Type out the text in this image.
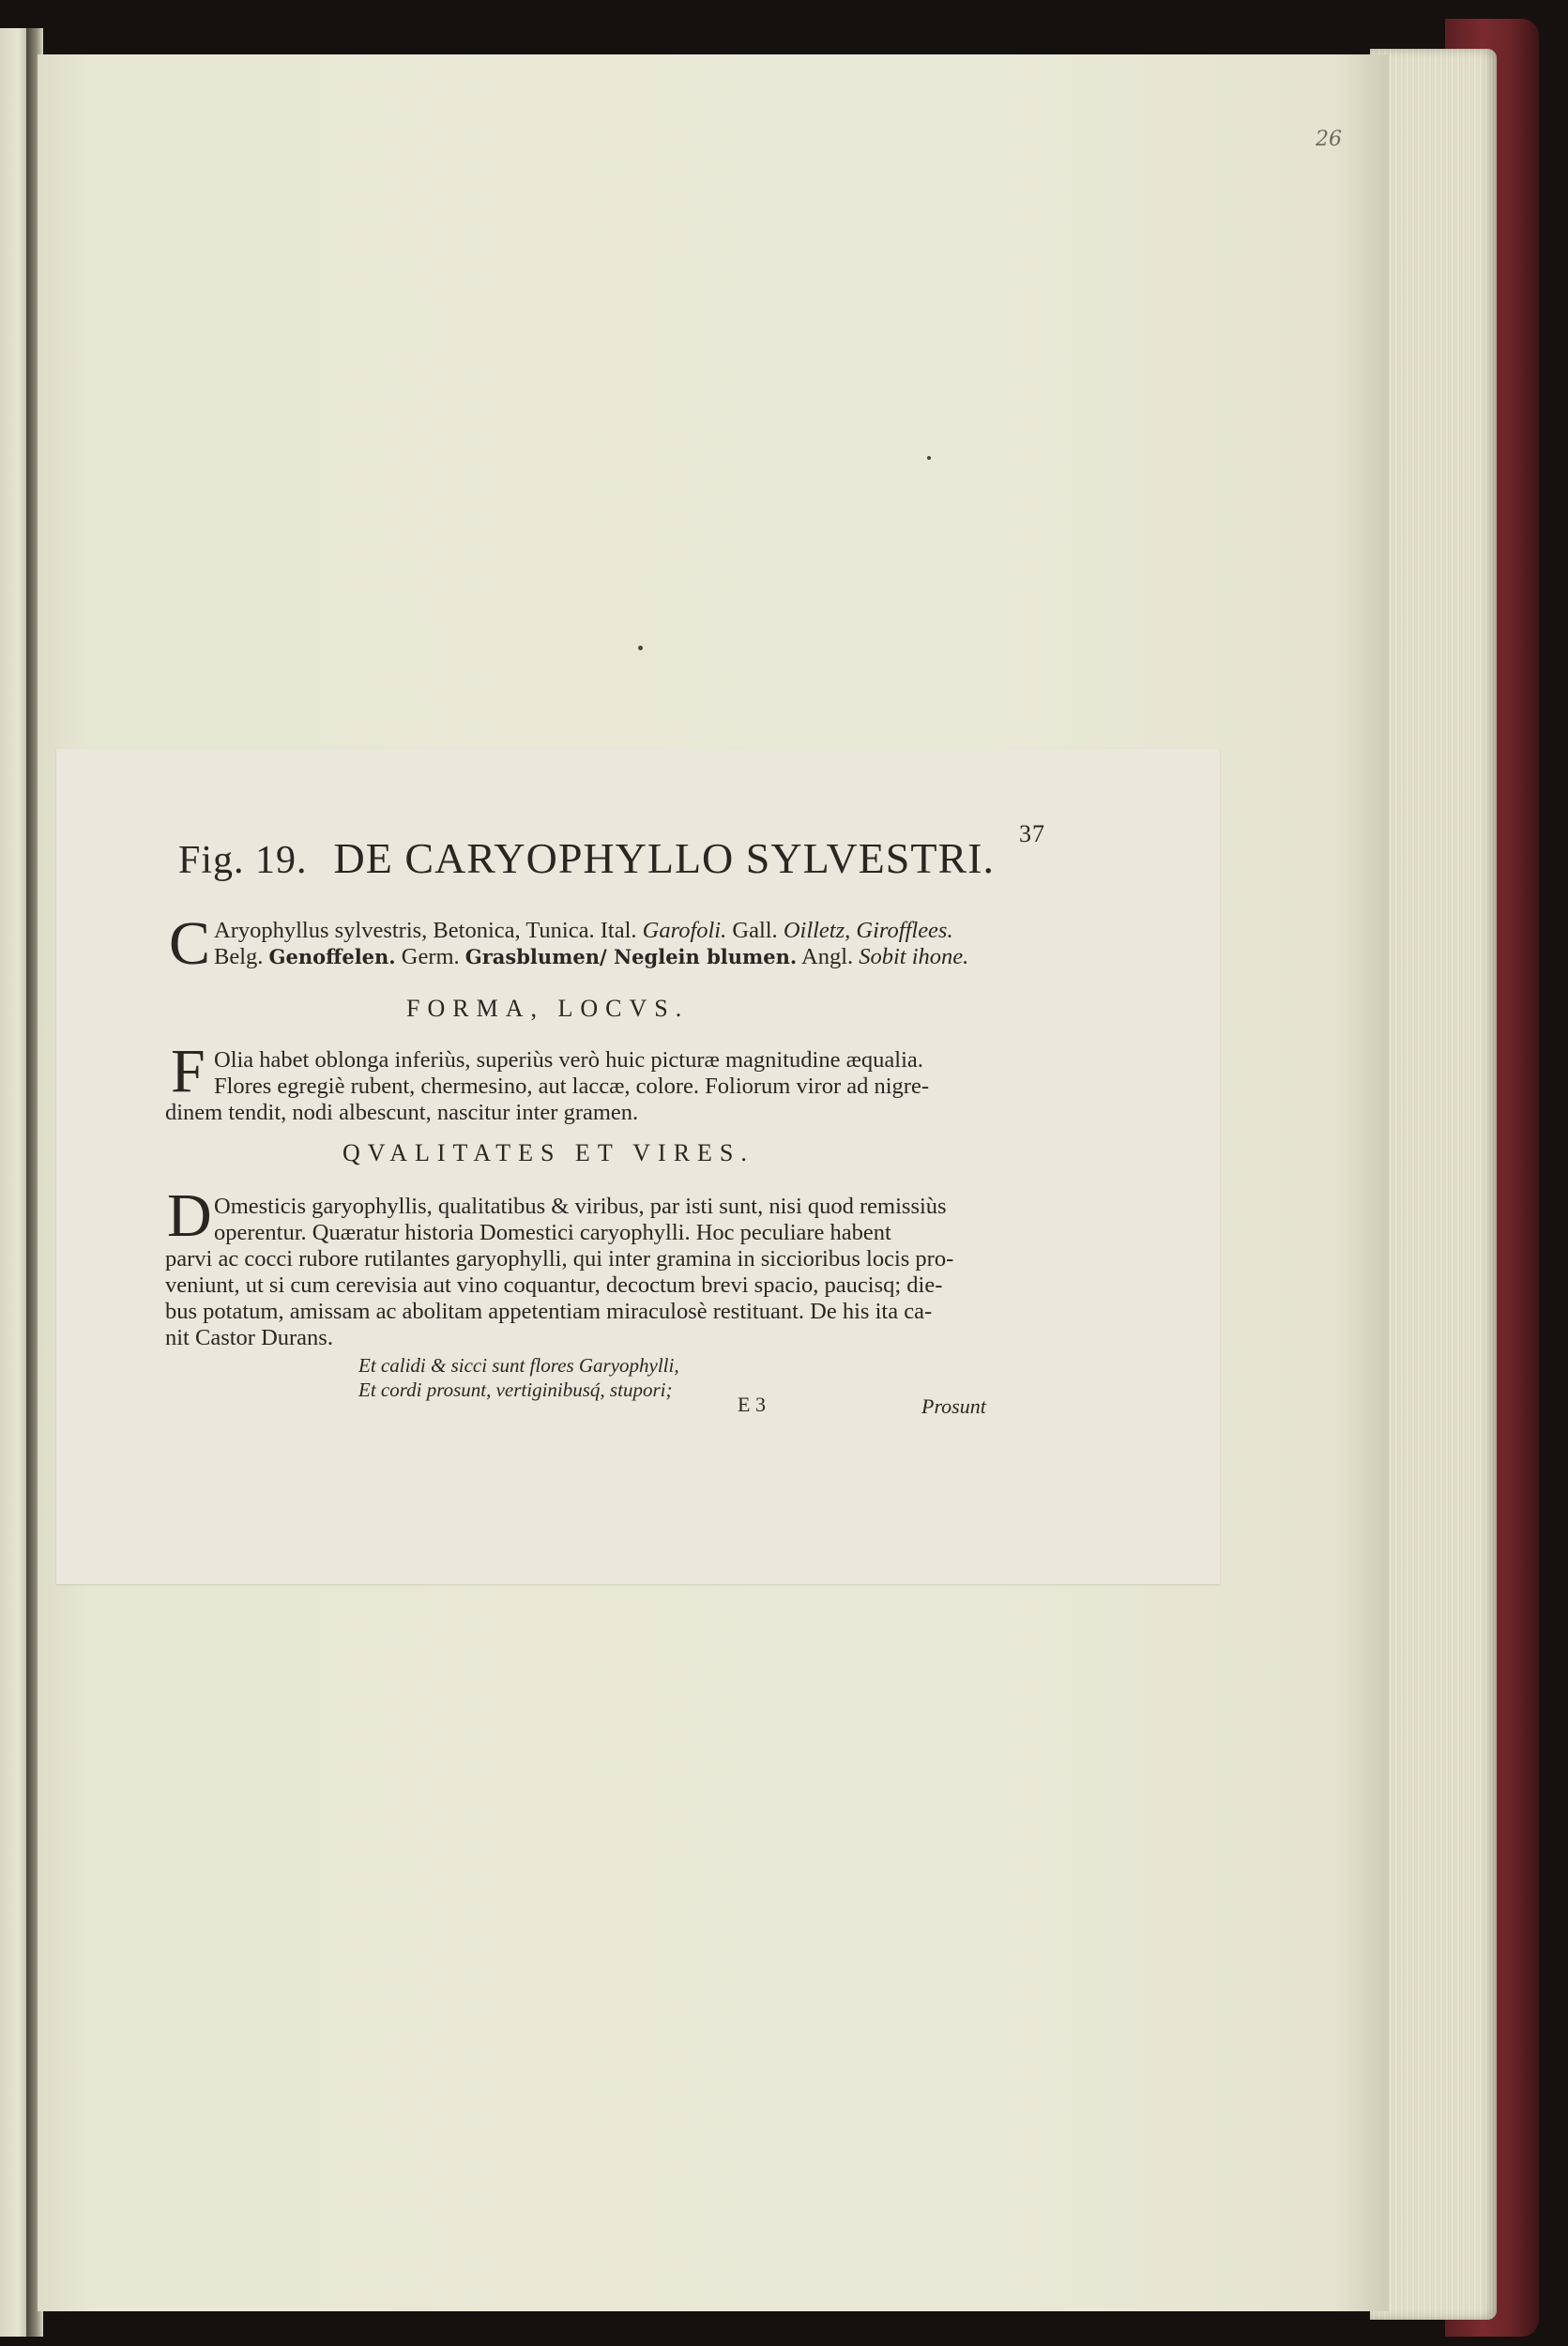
26
Fig. 19. DE CARYOPHYLLO SYLVESTRI.
37
C Aryophyllus sylvestris, Betonica, Tunica. Ital. Garofoli. Gall. Oilletz, Girofflees.
Belg. Genoffelen. Germ. Grasblumen/ Neglein blumen. Angl. Sobit ihone.
FORMA, LOCVS.
F Olia habet oblonga inferiùs, superiùs verò huic picturæ magnitudine æqualia.
Flores egregiè rubent, chermesino, aut laccæ, colore. Foliorum viror ad nigre-
dinem tendit, nodi albescunt, nascitur inter gramen.
QVALITATES ET VIRES.
D Omesticis garyophyllis, qualitatibus & viribus, par isti sunt, nisi quod remissiùs
operentur. Quæratur historia Domestici caryophylli. Hoc peculiare habent
parvi ac cocci rubore rutilantes garyophylli, qui inter gramina in siccioribus locis pro-
veniunt, ut si cum cerevisia aut vino coquantur, decoctum brevi spacio, paucisq; die-
bus potatum, amissam ac abolitam appetentiam miraculosè restituant. De his ita ca-
nit Castor Durans.
Et calidi & sicci sunt flores Garyophylli,
Et cordi prosunt, vertiginibusq́, stupori;
E 3	Prosunt
